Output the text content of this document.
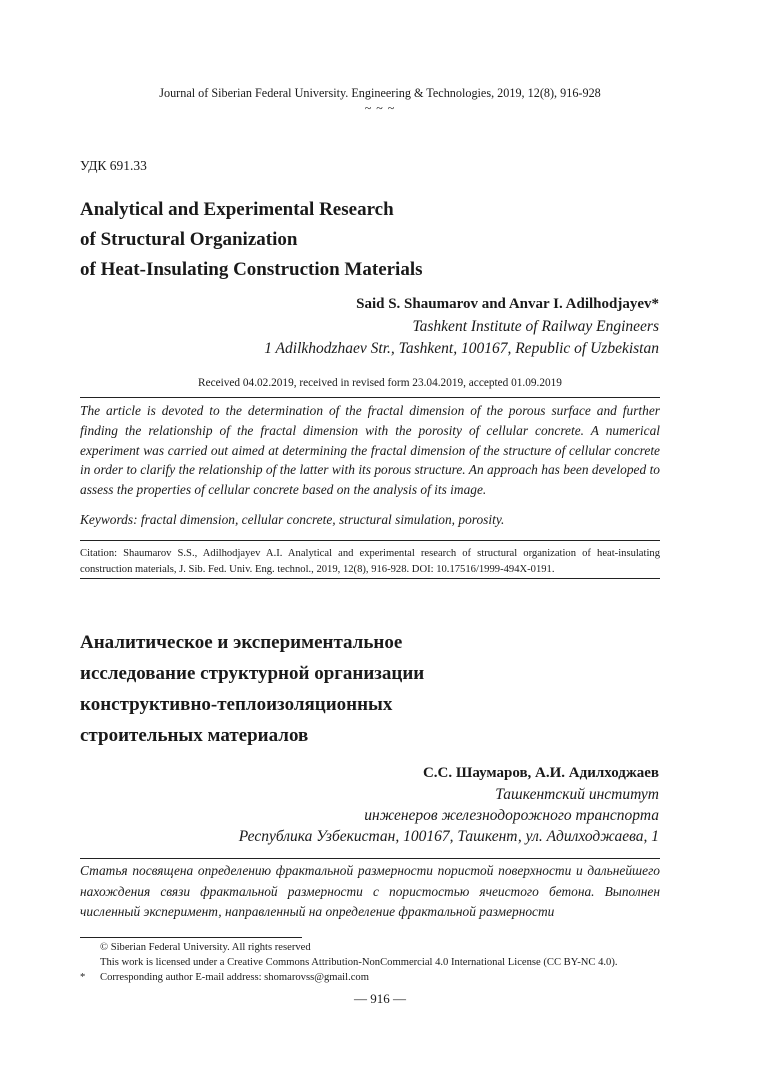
Journal of Siberian Federal University. Engineering & Technologies, 2019, 12(8), 916-928
~ ~ ~
УДК 691.33
Analytical and Experimental Research
of Structural Organization
of Heat-Insulating Construction Materials
Said S. Shaumarov and Anvar I. Adilhodjayev*
Tashkent Institute of Railway Engineers
1 Adilkhodzhaev Str., Tashkent, 100167, Republic of Uzbekistan
Received 04.02.2019, received in revised form 23.04.2019, accepted 01.09.2019
The article is devoted to the determination of the fractal dimension of the porous surface and further finding the relationship of the fractal dimension with the porosity of cellular concrete. A numerical experiment was carried out aimed at determining the fractal dimension of the structure of cellular concrete in order to clarify the relationship of the latter with its porous structure. An approach has been developed to assess the properties of cellular concrete based on the analysis of its image.
Keywords: fractal dimension, cellular concrete, structural simulation, porosity.
Citation: Shaumarov S.S., Adilhodjayev A.I. Analytical and experimental research of structural organization of heat-insulating construction materials, J. Sib. Fed. Univ. Eng. technol., 2019, 12(8), 916-928. DOI: 10.17516/1999-494X-0191.
Аналитическое и экспериментальное
исследование структурной организации
конструктивно-теплоизоляционных
строительных материалов
С.С. Шаумаров, А.И. Адилходжаев
Ташкентский институт
инженеров железнодорожного транспорта
Республика Узбекистан, 100167, Ташкент, ул. Адилходжаева, 1
Статья посвящена определению фрактальной размерности пористой поверхности и дальнейшего нахождения связи фрактальной размерности с пористостью ячеистого бетона. Выполнен численный эксперимент, направленный на определение фрактальной размерности
© Siberian Federal University. All rights reserved
This work is licensed under a Creative Commons Attribution-NonCommercial 4.0 International License (CC BY-NC 4.0).
* Corresponding author E-mail address: shomarovss@gmail.com
— 916 —
